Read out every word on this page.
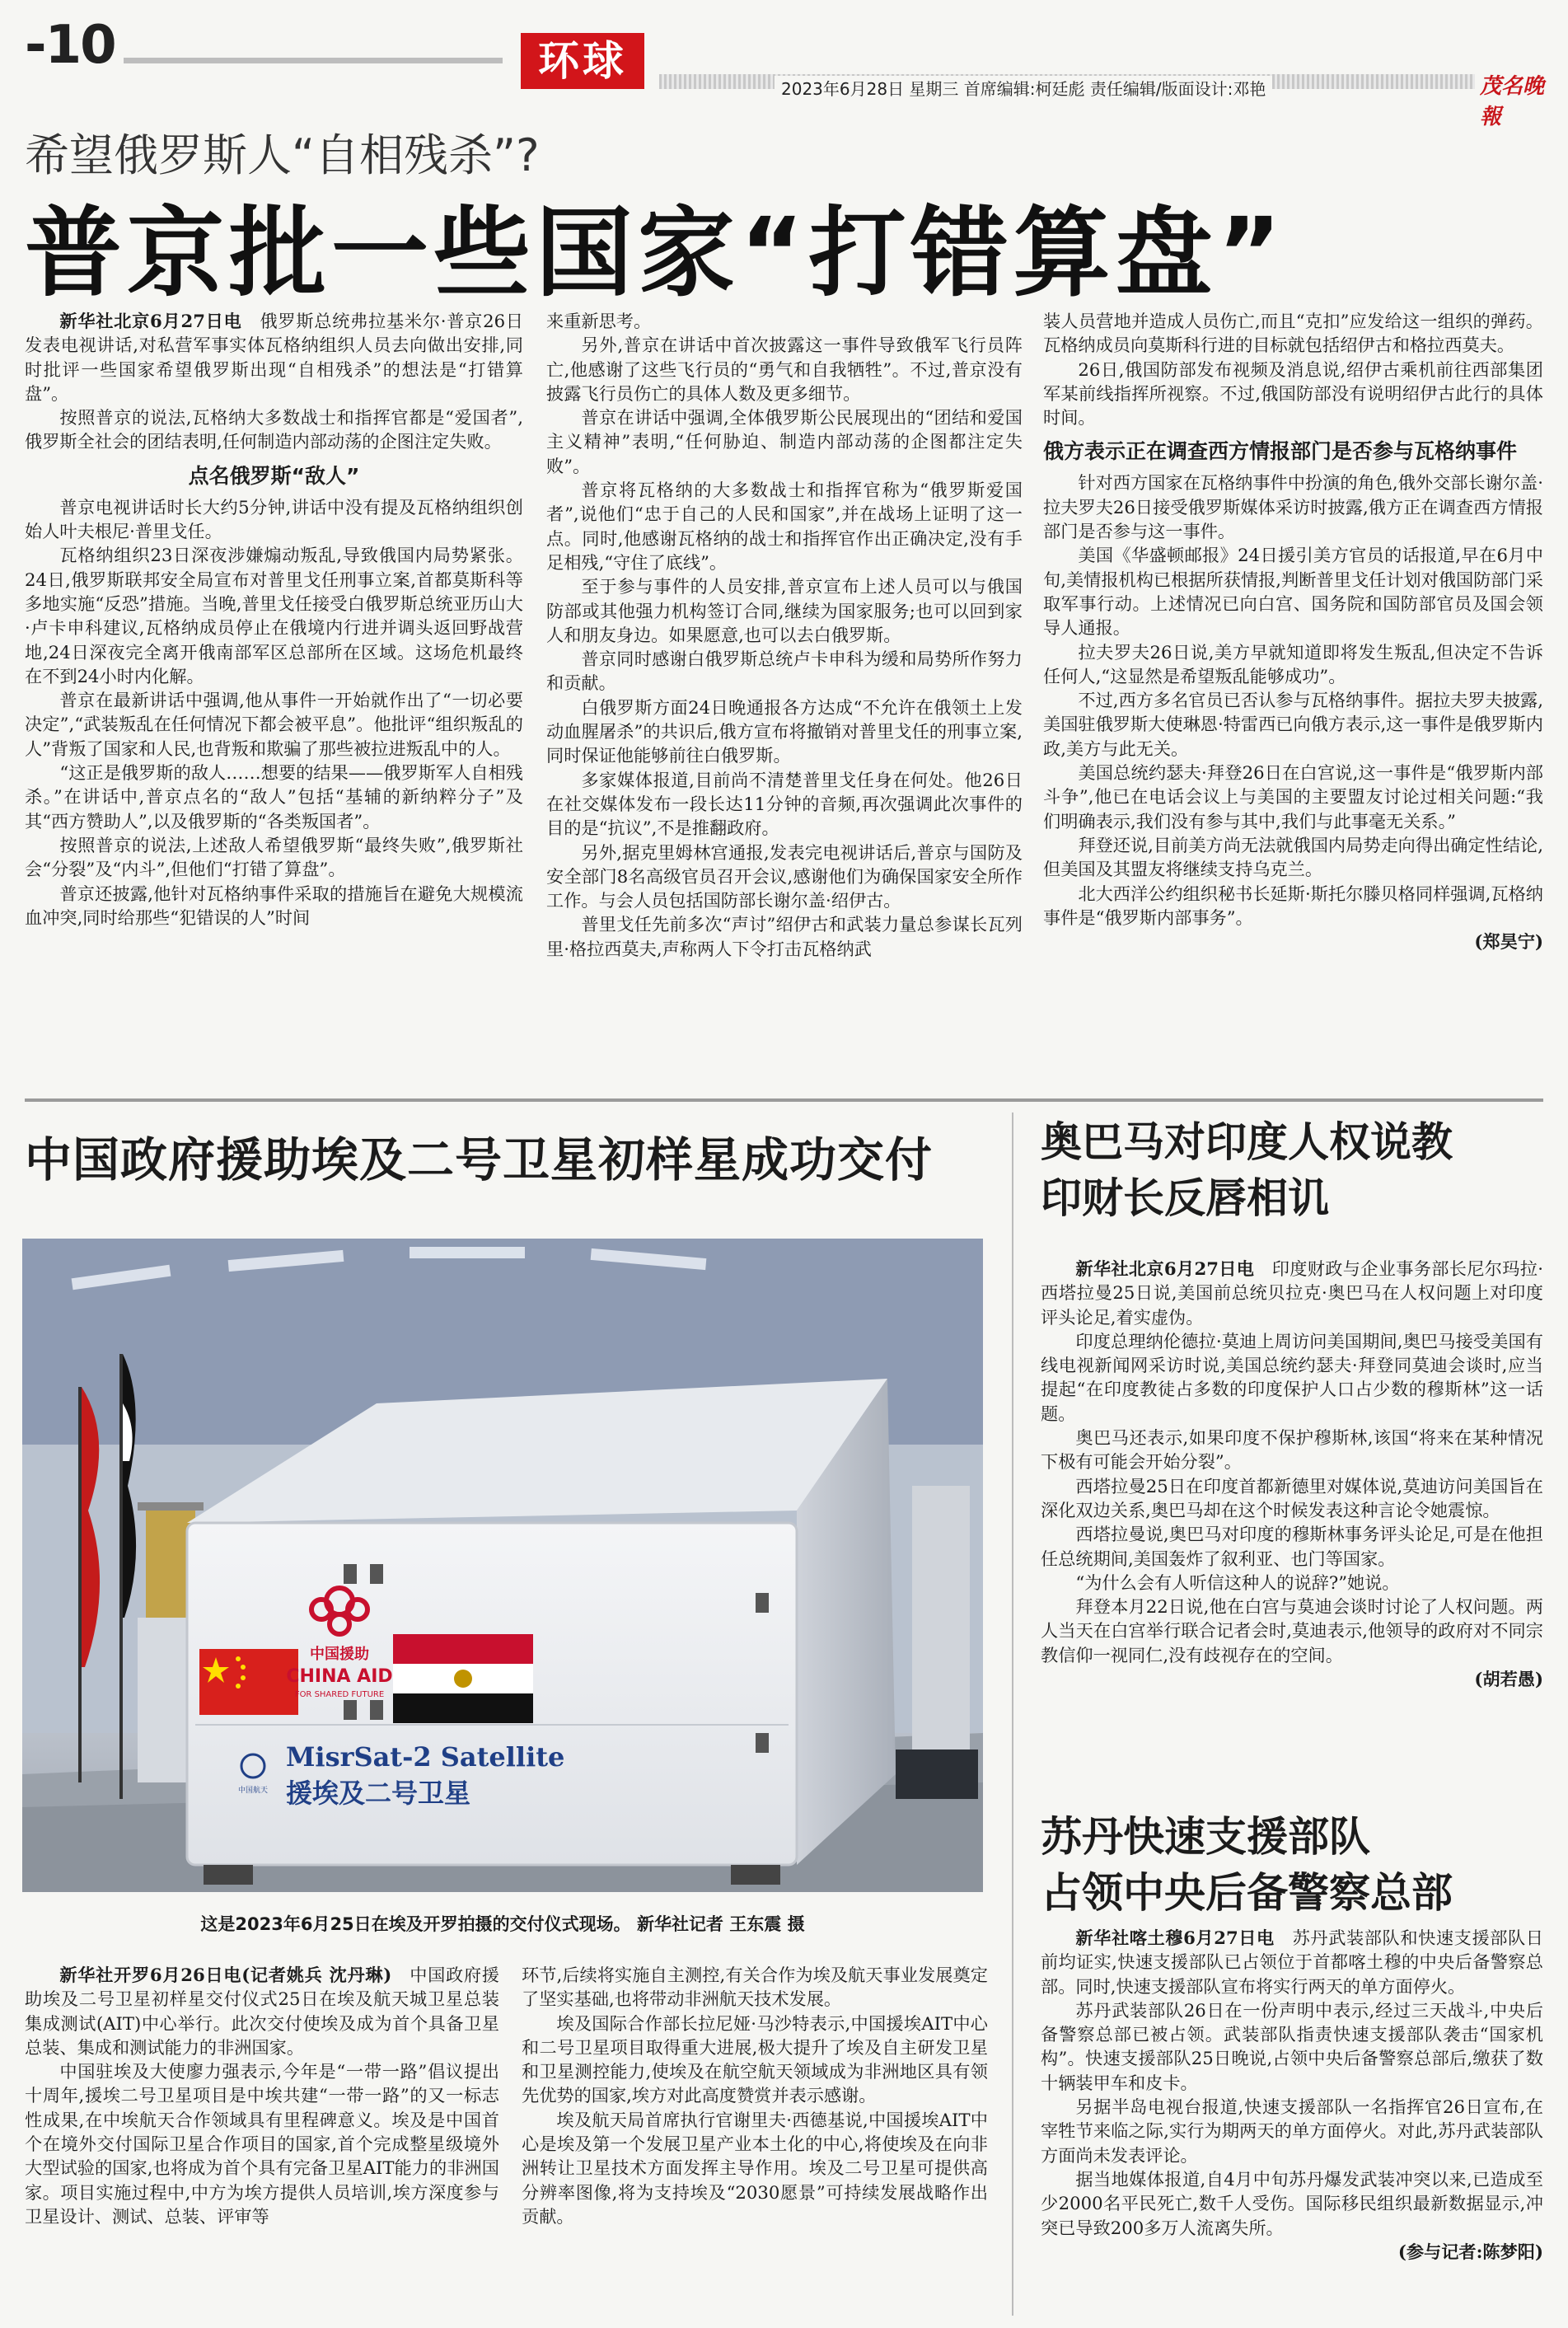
-10	环球
2023年6月28日 星期三 首席编辑:柯廷彪 责任编辑/版面设计:邓艳	茂名晚報
希望俄罗斯人“自相残杀”?
普京批一些国家“打错算盘”

新华社北京6月27日电  俄罗斯总统弗拉基米尔·普京26日发表电视讲话,对私营军事实体瓦格纳组织人员去向做出安排,同时批评一些国家希望俄罗斯出现“自相残杀”的想法是“打错算盘”。

按照普京的说法,瓦格纳大多数战士和指挥官都是“爱国者”,俄罗斯全社会的团结表明,任何制造内部动荡的企图注定失败。

点名俄罗斯“敌人”

普京电视讲话时长大约5分钟,讲话中没有提及瓦格纳组织创始人叶夫根尼·普里戈任。

瓦格纳组织23日深夜涉嫌煽动叛乱,导致俄国内局势紧张。24日,俄罗斯联邦安全局宣布对普里戈任刑事立案,首都莫斯科等多地实施“反恐”措施。当晚,普里戈任接受白俄罗斯总统亚历山大·卢卡申科建议,瓦格纳成员停止在俄境内行进并调头返回野战营地,24日深夜完全离开俄南部军区总部所在区域。这场危机最终在不到24小时内化解。

普京在最新讲话中强调,他从事件一开始就作出了“一切必要决定”,“武装叛乱在任何情况下都会被平息”。他批评“组织叛乱的人”背叛了国家和人民,也背叛和欺骗了那些被拉进叛乱中的人。

“这正是俄罗斯的敌人……想要的结果——俄罗斯军人自相残杀。”在讲话中,普京点名的“敌人”包括“基辅的新纳粹分子”及其“西方赞助人”,以及俄罗斯的“各类叛国者”。

按照普京的说法,上述敌人希望俄罗斯“最终失败”,俄罗斯社会“分裂”及“内斗”,但他们“打错了算盘”。

普京还披露,他针对瓦格纳事件采取的措施旨在避免大规模流血冲突,同时给那些“犯错误的人”时间

来重新思考。

另外,普京在讲话中首次披露这一事件导致俄军飞行员阵亡,他感谢了这些飞行员的“勇气和自我牺牲”。不过,普京没有披露飞行员伤亡的具体人数及更多细节。

普京在讲话中强调,全体俄罗斯公民展现出的“团结和爱国主义精神”表明,“任何胁迫、制造内部动荡的企图都注定失败”。

普京将瓦格纳的大多数战士和指挥官称为“俄罗斯爱国者”,说他们“忠于自己的人民和国家”,并在战场上证明了这一点。同时,他感谢瓦格纳的战士和指挥官作出正确决定,没有手足相残,“守住了底线”。

至于参与事件的人员安排,普京宣布上述人员可以与俄国防部或其他强力机构签订合同,继续为国家服务;也可以回到家人和朋友身边。如果愿意,也可以去白俄罗斯。

普京同时感谢白俄罗斯总统卢卡申科为缓和局势所作努力和贡献。

白俄罗斯方面24日晚通报各方达成“不允许在俄领土上发动血腥屠杀”的共识后,俄方宣布将撤销对普里戈任的刑事立案,同时保证他能够前往白俄罗斯。

多家媒体报道,目前尚不清楚普里戈任身在何处。他26日在社交媒体发布一段长达11分钟的音频,再次强调此次事件的目的是“抗议”,不是推翻政府。

另外,据克里姆林宫通报,发表完电视讲话后,普京与国防及安全部门8名高级官员召开会议,感谢他们为确保国家安全所作工作。与会人员包括国防部长谢尔盖·绍伊古。

普里戈任先前多次“声讨”绍伊古和武装力量总参谋长瓦列里·格拉西莫夫,声称两人下令打击瓦格纳武

装人员营地并造成人员伤亡,而且“克扣”应发给这一组织的弹药。瓦格纳成员向莫斯科行进的目标就包括绍伊古和格拉西莫夫。

26日,俄国防部发布视频及消息说,绍伊古乘机前往西部集团军某前线指挥所视察。不过,俄国防部没有说明绍伊古此行的具体时间。

俄方表示正在调查西方情报部门是否参与瓦格纳事件

针对西方国家在瓦格纳事件中扮演的角色,俄外交部长谢尔盖·拉夫罗夫26日接受俄罗斯媒体采访时披露,俄方正在调查西方情报部门是否参与这一事件。

美国《华盛顿邮报》24日援引美方官员的话报道,早在6月中旬,美情报机构已根据所获情报,判断普里戈任计划对俄国防部门采取军事行动。上述情况已向白宫、国务院和国防部官员及国会领导人通报。

拉夫罗夫26日说,美方早就知道即将发生叛乱,但决定不告诉任何人,“这显然是希望叛乱能够成功”。

不过,西方多名官员已否认参与瓦格纳事件。据拉夫罗夫披露,美国驻俄罗斯大使琳恩·特雷西已向俄方表示,这一事件是俄罗斯内政,美方与此无关。

美国总统约瑟夫·拜登26日在白宫说,这一事件是“俄罗斯内部斗争”,他已在电话会议上与美国的主要盟友讨论过相关问题:“我们明确表示,我们没有参与其中,我们与此事毫无关系。”

拜登还说,目前美方尚无法就俄国内局势走向得出确定性结论,但美国及其盟友将继续支持乌克兰。

北大西洋公约组织秘书长延斯·斯托尔滕贝格同样强调,瓦格纳事件是“俄罗斯内部事务”。

(郑昊宁)

中国政府援助埃及二号卫星初样星成功交付
中国援助
CHINA AID
FOR SHARED FUTURE
中国航天
MisrSat-2 Satellite
援埃及二号卫星
这是2023年6月25日在埃及开罗拍摄的交付仪式现场。 新华社记者 王东震 摄

新华社开罗6月26日电(记者姚兵 沈丹琳)  中国政府援助埃及二号卫星初样星交付仪式25日在埃及航天城卫星总装集成测试(AIT)中心举行。此次交付使埃及成为首个具备卫星总装、集成和测试能力的非洲国家。

中国驻埃及大使廖力强表示,今年是“一带一路”倡议提出十周年,援埃二号卫星项目是中埃共建“一带一路”的又一标志性成果,在中埃航天合作领域具有里程碑意义。埃及是中国首个在境外交付国际卫星合作项目的国家,首个完成整星级境外大型试验的国家,也将成为首个具有完备卫星AIT能力的非洲国家。项目实施过程中,中方为埃方提供人员培训,埃方深度参与卫星设计、测试、总装、评审等

环节,后续将实施自主测控,有关合作为埃及航天事业发展奠定了坚实基础,也将带动非洲航天技术发展。

埃及国际合作部长拉尼娅·马沙特表示,中国援埃AIT中心和二号卫星项目取得重大进展,极大提升了埃及自主研发卫星和卫星测控能力,使埃及在航空航天领域成为非洲地区具有领先优势的国家,埃方对此高度赞赏并表示感谢。

埃及航天局首席执行官谢里夫·西德基说,中国援埃AIT中心是埃及第一个发展卫星产业本土化的中心,将使埃及在向非洲转让卫星技术方面发挥主导作用。埃及二号卫星可提供高分辨率图像,将为支持埃及“2030愿景”可持续发展战略作出贡献。

奥巴马对印度人权说教
印财长反唇相讥

新华社北京6月27日电  印度财政与企业事务部长尼尔玛拉·西塔拉曼25日说,美国前总统贝拉克·奥巴马在人权问题上对印度评头论足,着实虚伪。

印度总理纳伦德拉·莫迪上周访问美国期间,奥巴马接受美国有线电视新闻网采访时说,美国总统约瑟夫·拜登同莫迪会谈时,应当提起“在印度教徒占多数的印度保护人口占少数的穆斯林”这一话题。

奥巴马还表示,如果印度不保护穆斯林,该国“将来在某种情况下极有可能会开始分裂”。

西塔拉曼25日在印度首都新德里对媒体说,莫迪访问美国旨在深化双边关系,奥巴马却在这个时候发表这种言论令她震惊。

西塔拉曼说,奥巴马对印度的穆斯林事务评头论足,可是在他担任总统期间,美国轰炸了叙利亚、也门等国家。

“为什么会有人听信这种人的说辞?”她说。

拜登本月22日说,他在白宫与莫迪会谈时讨论了人权问题。两人当天在白宫举行联合记者会时,莫迪表示,他领导的政府对不同宗教信仰一视同仁,没有歧视存在的空间。

(胡若愚)

苏丹快速支援部队
占领中央后备警察总部

新华社喀土穆6月27日电  苏丹武装部队和快速支援部队日前均证实,快速支援部队已占领位于首都喀土穆的中央后备警察总部。同时,快速支援部队宣布将实行两天的单方面停火。

苏丹武装部队26日在一份声明中表示,经过三天战斗,中央后备警察总部已被占领。武装部队指责快速支援部队袭击“国家机构”。快速支援部队25日晚说,占领中央后备警察总部后,缴获了数十辆装甲车和皮卡。

另据半岛电视台报道,快速支援部队一名指挥官26日宣布,在宰牲节来临之际,实行为期两天的单方面停火。对此,苏丹武装部队方面尚未发表评论。

据当地媒体报道,自4月中旬苏丹爆发武装冲突以来,已造成至少2000名平民死亡,数千人受伤。国际移民组织最新数据显示,冲突已导致200多万人流离失所。

(参与记者:陈梦阳)
